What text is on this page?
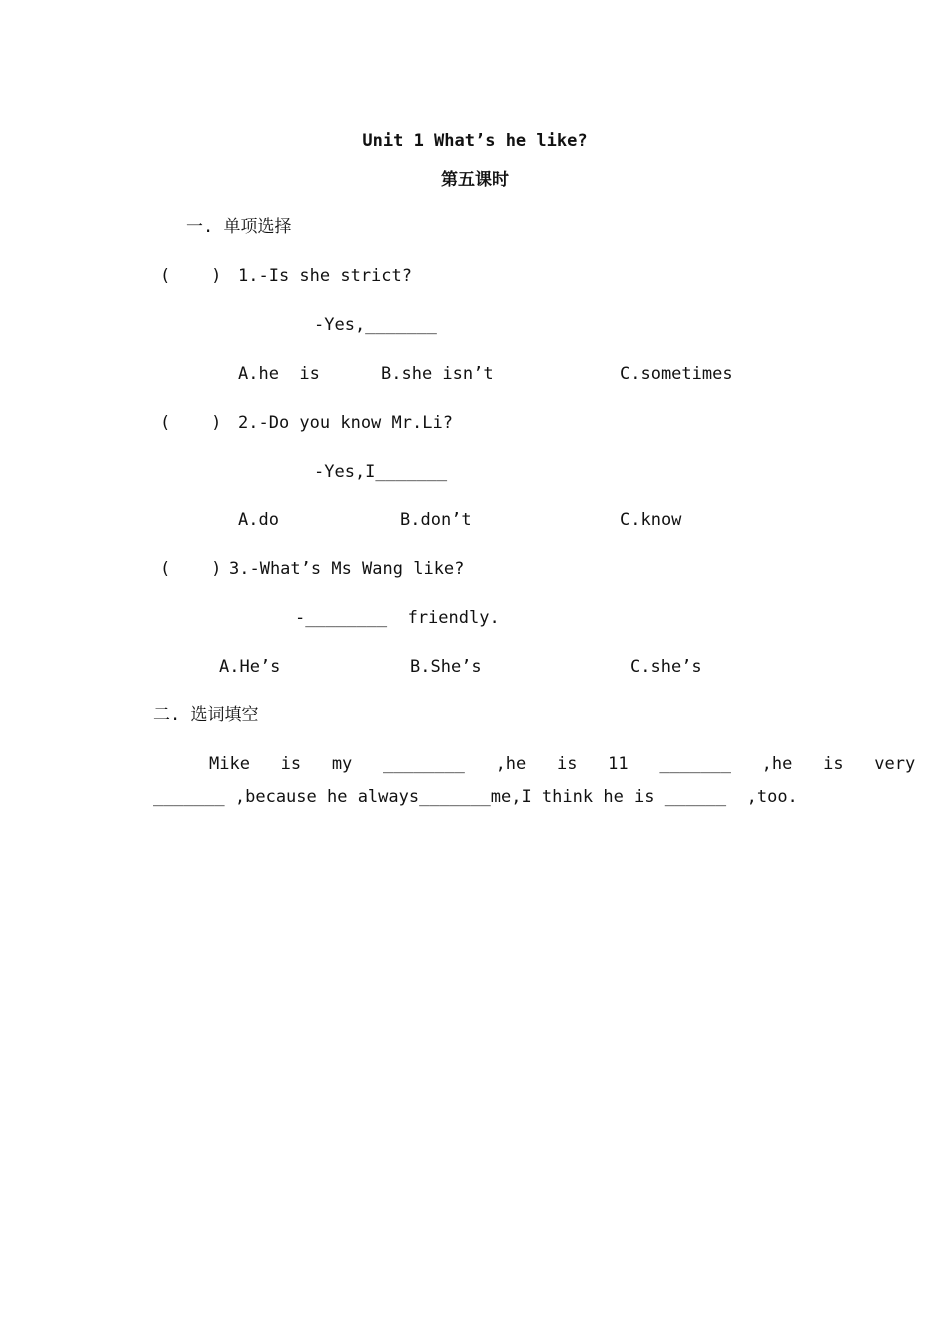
Unit 1 What’s he like?
第五课时
一. 单项选择
(    ) 1.-Is she strict?
-Yes,_______
A.he  is	B.she isn’t	C.sometimes
(    ) 2.-Do you know Mr.Li?
-Yes,I_______
A.do	B.don’t	C.know
(    ) 3.-What’s Ms Wang like?
-________  friendly.
A.He’s	B.She’s	C.she’s
二. 选词填空
Mike   is   my   ________   ,he   is   11   _______   ,he   is   very
_______ ,because he always_______me,I think he is ______  ,too.
